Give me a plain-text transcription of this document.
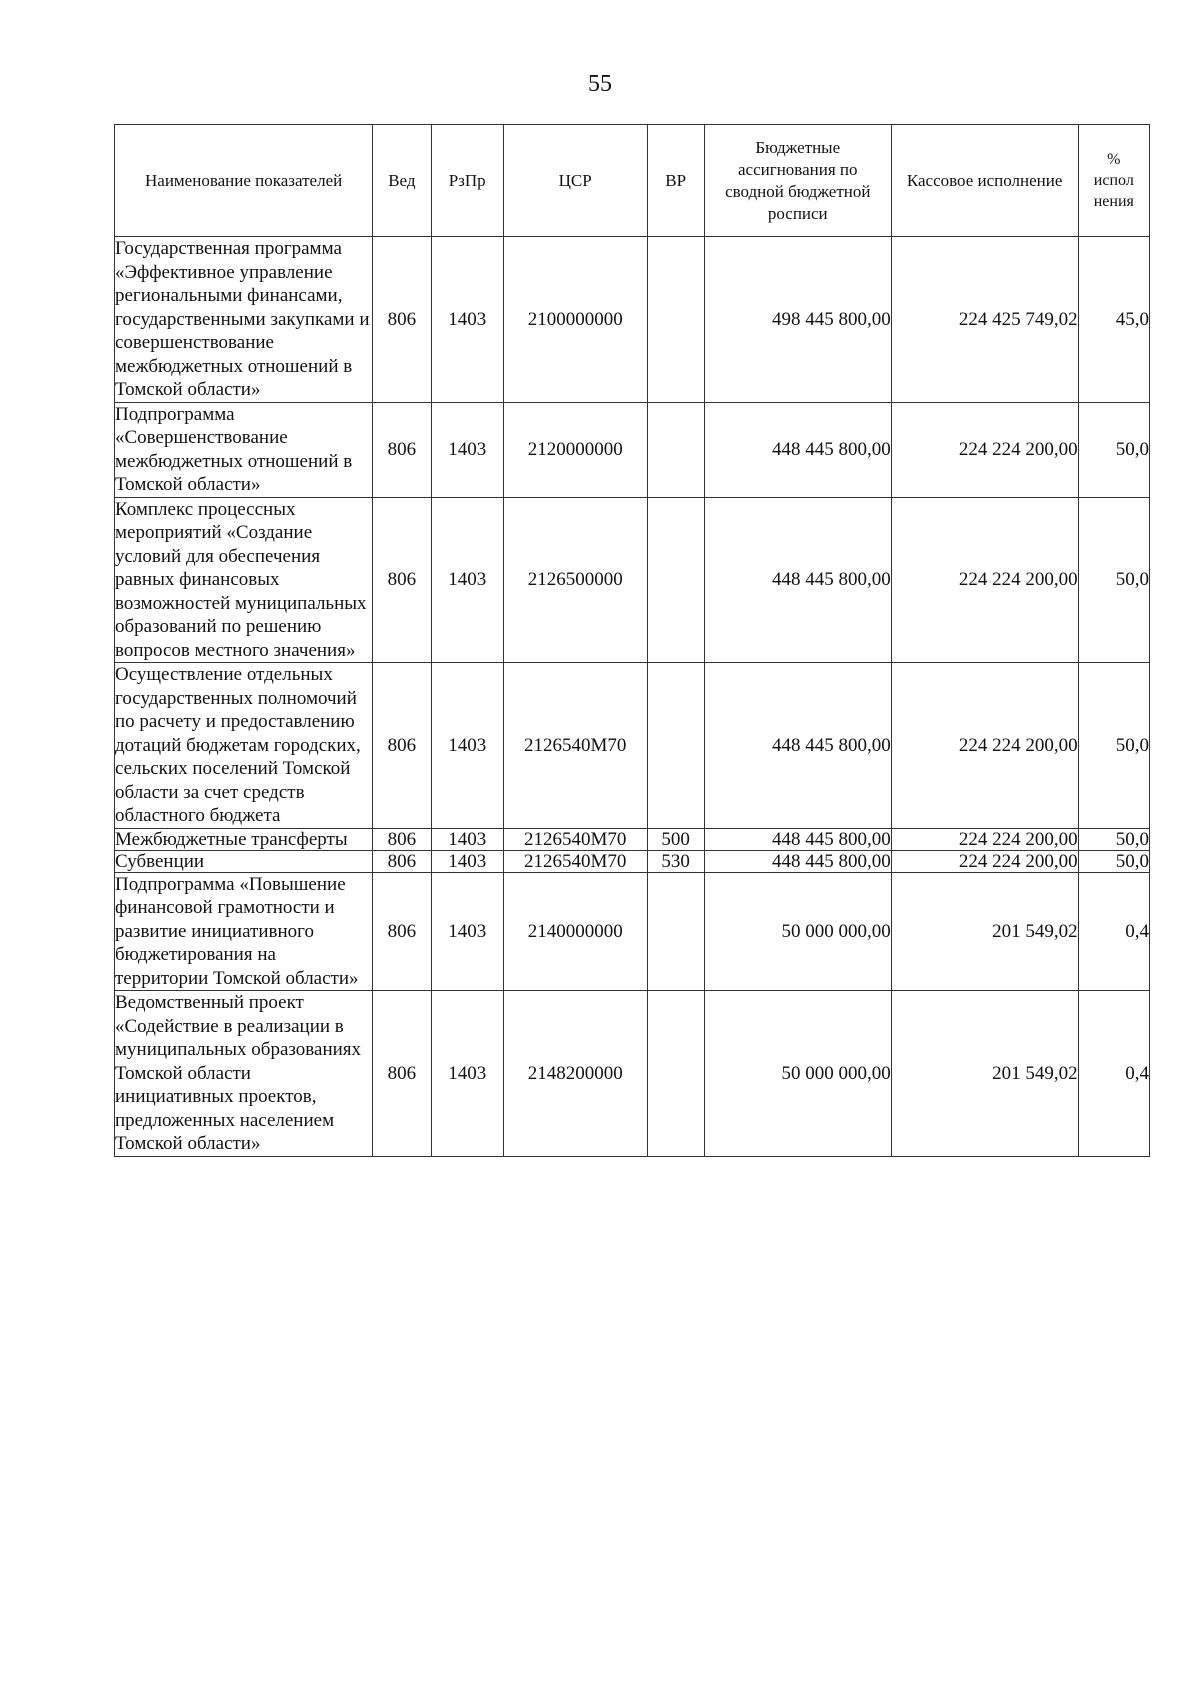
55
Наименование показателей	Вед	РзПр	ЦСР	ВР	Бюджетные ассигнования по сводной бюджетной росписи	Кассовое исполнение	%
испол
нения
Государственная программа «Эффективное управление региональными финансами, государственными закупками и совершенствование межбюджетных отношений в Томской области»	806	1403	2100000000		498 445 800,00	224 425 749,02	45,0
Подпрограмма «Совершенствование межбюджетных отношений в Томской области»	806	1403	2120000000		448 445 800,00	224 224 200,00	50,0
Комплекс процессных мероприятий «Создание условий для обеспечения равных финансовых возможностей муниципальных образований по решению вопросов местного значения»	806	1403	2126500000		448 445 800,00	224 224 200,00	50,0
Осуществление отдельных государственных полномочий по расчету и предоставлению дотаций бюджетам городских, сельских поселений Томской области за счет средств областного бюджета	806	1403	2126540М70		448 445 800,00	224 224 200,00	50,0
Межбюджетные трансферты	806	1403	2126540М70	500	448 445 800,00	224 224 200,00	50,0
Субвенции	806	1403	2126540М70	530	448 445 800,00	224 224 200,00	50,0
Подпрограмма «Повышение финансовой грамотности и развитие инициативного бюджетирования на территории Томской области»	806	1403	2140000000		50 000 000,00	201 549,02	0,4
Ведомственный проект «Содействие в реализации в муниципальных образованиях Томской области инициативных проектов, предложенных населением Томской области»	806	1403	2148200000		50 000 000,00	201 549,02	0,4
